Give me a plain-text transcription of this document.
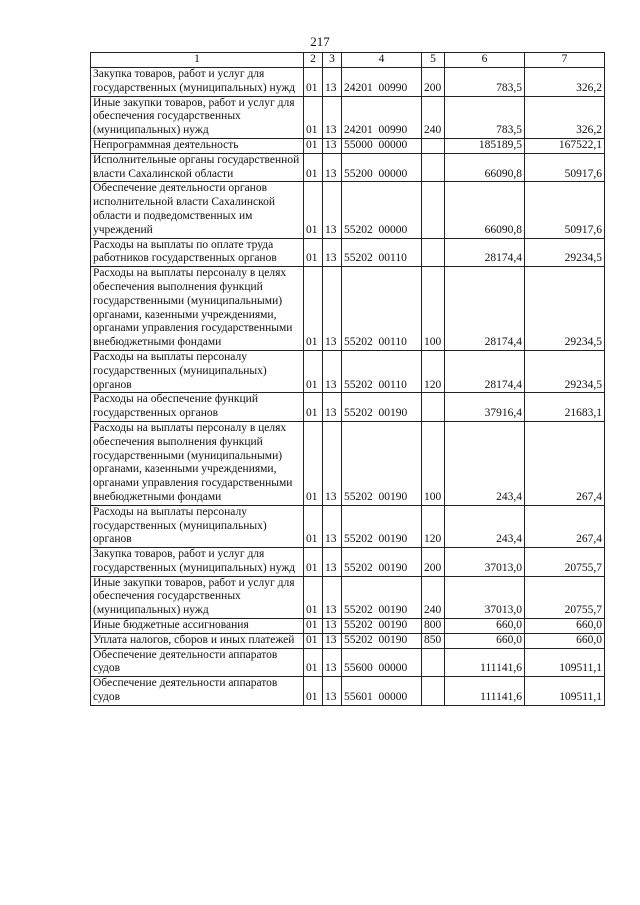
217
1	2	3	4	5	6	7
Закупка товаров, работ и услуг для государственных (муниципальных) нужд	01	13	24201  00990	200	783,5	326,2
Иные закупки товаров, работ и услуг для обеспечения государственных (муниципальных) нужд	01	13	24201  00990	240	783,5	326,2
Непрограммная деятельность	01	13	55000  00000		185189,5	167522,1
Исполнительные органы государственной власти Сахалинской области	01	13	55200  00000		66090,8	50917,6
Обеспечение деятельности органов исполнительной власти Сахалинской области и подведомственных им учреждений	01	13	55202  00000		66090,8	50917,6
Расходы на выплаты по оплате труда работников государственных органов	01	13	55202  00110		28174,4	29234,5
Расходы на выплаты персоналу в целях обеспечения выполнения функций государственными (муниципальными) органами, казенными учреждениями, органами управления государственными внебюджетными фондами	01	13	55202  00110	100	28174,4	29234,5
Расходы на выплаты персоналу государственных (муниципальных) органов	01	13	55202  00110	120	28174,4	29234,5
Расходы на обеспечение функций государственных органов	01	13	55202  00190		37916,4	21683,1
Расходы на выплаты персоналу в целях обеспечения выполнения функций государственными (муниципальными) органами, казенными учреждениями, органами управления государственными внебюджетными фондами	01	13	55202  00190	100	243,4	267,4
Расходы на выплаты персоналу государственных (муниципальных) органов	01	13	55202  00190	120	243,4	267,4
Закупка товаров, работ и услуг для государственных (муниципальных) нужд	01	13	55202  00190	200	37013,0	20755,7
Иные закупки товаров, работ и услуг для обеспечения государственных (муниципальных) нужд	01	13	55202  00190	240	37013,0	20755,7
Иные бюджетные ассигнования	01	13	55202  00190	800	660,0	660,0
Уплата налогов, сборов и иных платежей	01	13	55202  00190	850	660,0	660,0
Обеспечение деятельности аппаратов судов	01	13	55600  00000		111141,6	109511,1
Обеспечение деятельности аппаратов судов	01	13	55601  00000		111141,6	109511,1
